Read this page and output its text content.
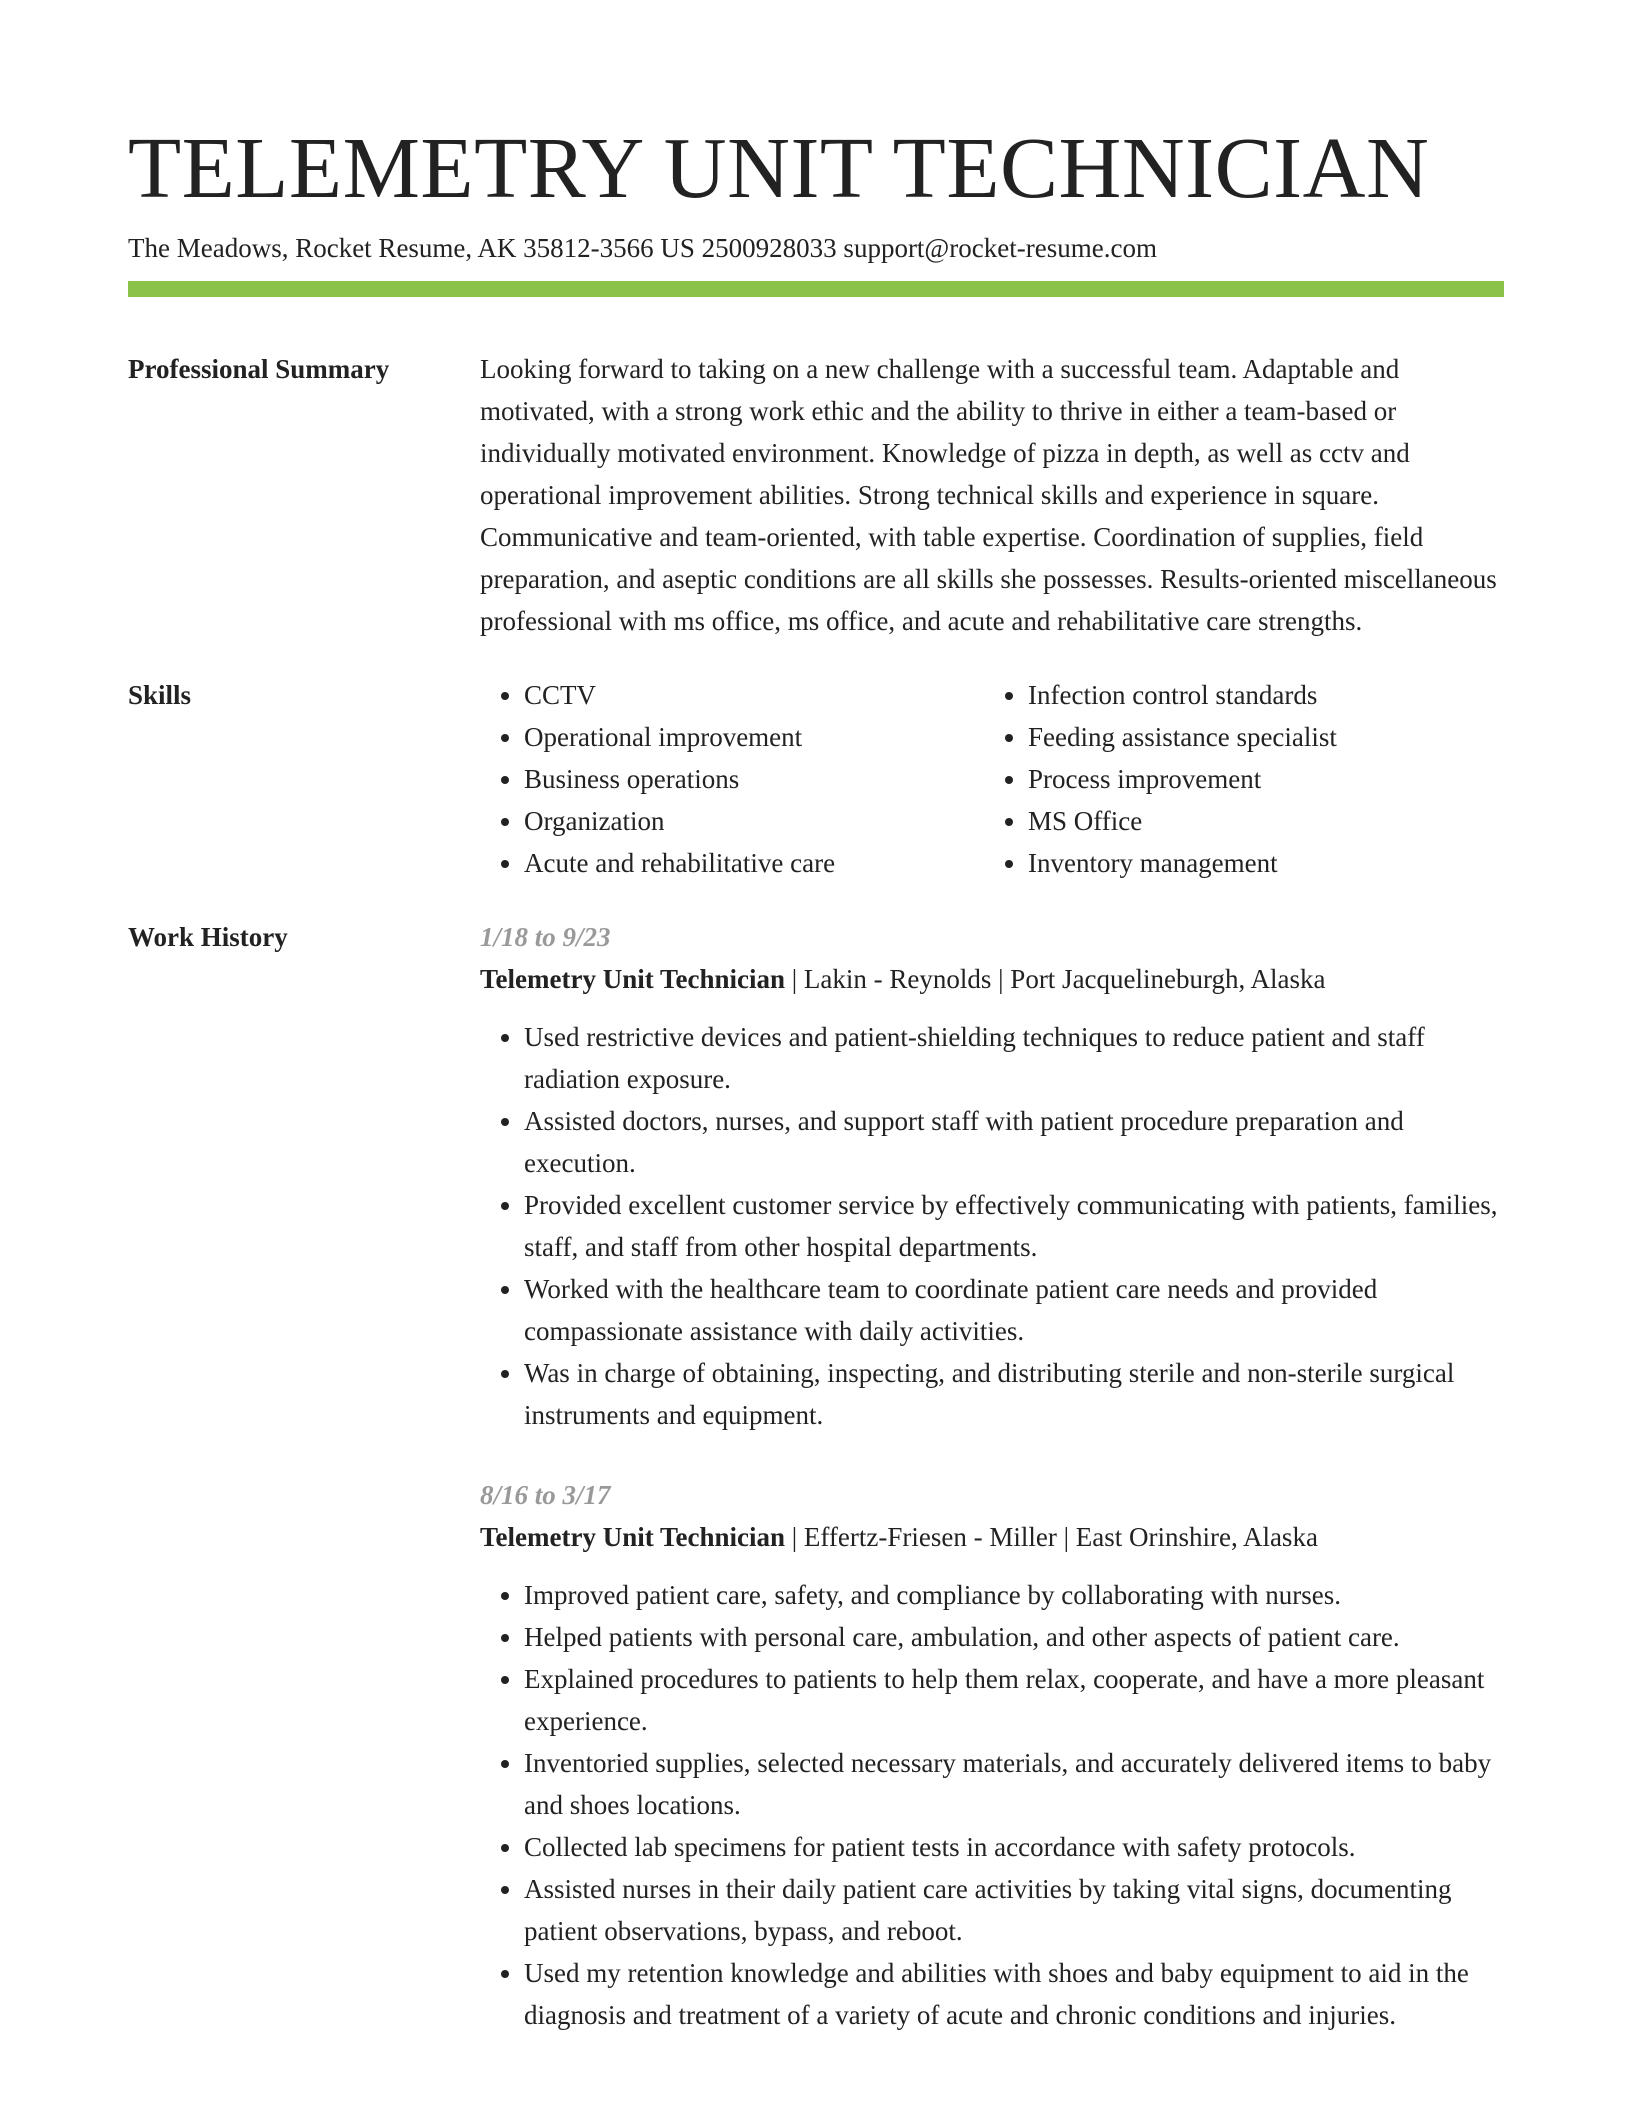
TELEMETRY UNIT TECHNICIAN
The Meadows, Rocket Resume, AK 35812-3566 US 2500928033 support@rocket-resume.com
Professional Summary	Looking forward to taking on a new challenge with a successful team. Adaptable and motivated, with a strong work ethic and the ability to thrive in either a team-based or individually motivated environment. Knowledge of pizza in depth, as well as cctv and operational improvement abilities. Strong technical skills and experience in square. Communicative and team-oriented, with table expertise. Coordination of supplies, field preparation, and aseptic conditions are all skills she possesses. Results-oriented miscellaneous professional with ms office, ms office, and acute and rehabilitative care strengths.

Skills
•	CCTV
• Operational improvement
• Business operations
• Organization
• Acute and rehabilitative care
• Infection control standards
• Feeding assistance specialist
• Process improvement
• MS Office
• Inventory management
Work History	1/18 to 9/23
Telemetry Unit Technician | Lakin - Reynolds | Port Jacquelineburgh, Alaska
• Used restrictive devices and patient-shielding techniques to reduce patient and staff radiation exposure.
• Assisted doctors, nurses, and support staff with patient procedure preparation and execution.
• Provided excellent customer service by effectively communicating with patients, families, staff, and staff from other hospital departments.
• Worked with the healthcare team to coordinate patient care needs and provided compassionate assistance with daily activities.
• Was in charge of obtaining, inspecting, and distributing sterile and non-sterile surgical instruments and equipment.
8/16 to 3/17
Telemetry Unit Technician | Effertz-Friesen - Miller | East Orinshire, Alaska
• Improved patient care, safety, and compliance by collaborating with nurses.
• Helped patients with personal care, ambulation, and other aspects of patient care.
• Explained procedures to patients to help them relax, cooperate, and have a more pleasant experience.
• Inventoried supplies, selected necessary materials, and accurately delivered items to baby and shoes locations.
• Collected lab specimens for patient tests in accordance with safety protocols.
• Assisted nurses in their daily patient care activities by taking vital signs, documenting patient observations, bypass, and reboot.
• Used my retention knowledge and abilities with shoes and baby equipment to aid in the diagnosis and treatment of a variety of acute and chronic conditions and injuries.
